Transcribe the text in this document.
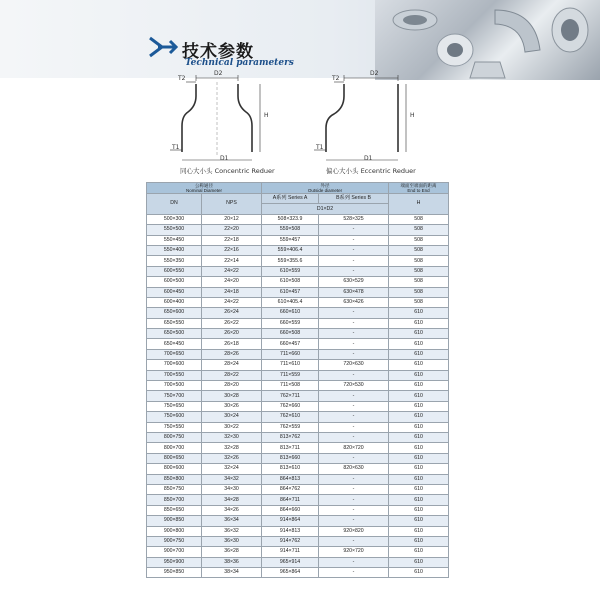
技术参数
Technical parameters
T2
D2
H
T1
D1
同心大小头 Concentric Reduer
T2
D2
H
T1
D1
偏心大小头 Eccentric Reduer
公称通径
Nominal Diameter		外径
Outside diameter		端面至端面的距离
End to End

DN	NPS	A系列 Series A	B系列 Series B	H
		D1×D2		
500×300	20×12	508×323.9	528×325	508
550×500	22×20	559×508	-	508
550×450	22×18	559×457	-	508
550×400	22×16	559×406.4	-	508
550×350	22×14	559×355.6	-	508
600×550	24×22	610×559	-	508
600×500	24×20	610×508	630×529	508
600×450	24×18	610×457	630×478	508
600×400	24×22	610×405.4	630×426	508
650×600	26×24	660×610	-	610
650×550	26×22	660×559	-	610
650×500	26×20	660×508	-	610
650×450	26×18	660×457	-	610
700×650	28×26	711×660	-	610
700×600	28×24	711×610	720×630	610
700×550	28×22	711×559	-	610
700×500	28×20	711×508	720×530	610
750×700	30×28	762×711	-	610
750×650	30×26	762×660	-	610
750×600	30×24	762×610	-	610
750×550	30×22	762×559	-	610
800×750	32×30	813×762	-	610
800×700	32×28	813×711	820×720	610
800×650	32×26	813×660	-	610
800×600	32×24	813×610	820×630	610
850×800	34×32	864×813	-	610
850×750	34×30	864×762	-	610
850×700	34×28	864×711	-	610
850×650	34×26	864×660	-	610
900×850	36×34	914×864	-	610
900×800	36×32	914×813	920×820	610
900×750	36×30	914×762	-	610
900×700	36×28	914×711	920×720	610
950×900	38×36	965×914	-	610
950×850	38×34	965×864	-	610
